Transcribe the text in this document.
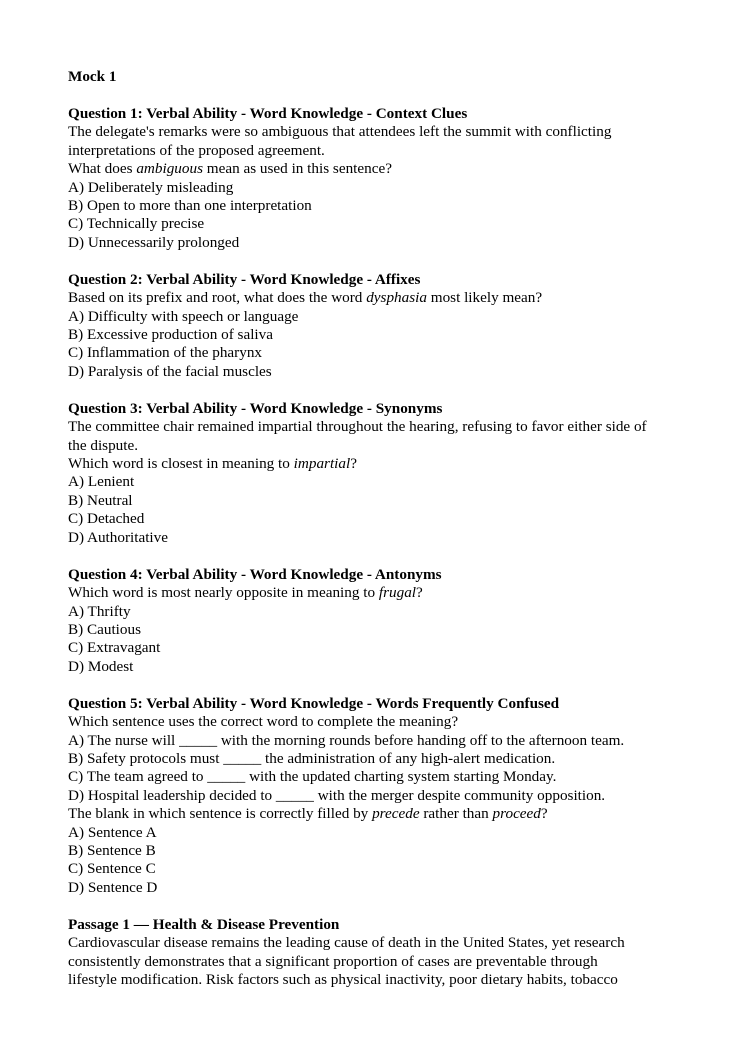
Mock 1

Question 1: Verbal Ability - Word Knowledge - Context Clues

The delegate's remarks were so ambiguous that attendees left the summit with conflicting interpretations of the proposed agreement.

What does ambiguous mean as used in this sentence?

A) Deliberately misleading

B) Open to more than one interpretation

C) Technically precise

D) Unnecessarily prolonged

Question 2: Verbal Ability - Word Knowledge - Affixes

Based on its prefix and root, what does the word dysphasia most likely mean?

A) Difficulty with speech or language

B) Excessive production of saliva

C) Inflammation of the pharynx

D) Paralysis of the facial muscles

Question 3: Verbal Ability - Word Knowledge - Synonyms

The committee chair remained impartial throughout the hearing, refusing to favor either side of the dispute.

Which word is closest in meaning to impartial?

A) Lenient

B) Neutral

C) Detached

D) Authoritative

Question 4: Verbal Ability - Word Knowledge - Antonyms

Which word is most nearly opposite in meaning to frugal?

A) Thrifty

B) Cautious

C) Extravagant

D) Modest

Question 5: Verbal Ability - Word Knowledge - Words Frequently Confused

Which sentence uses the correct word to complete the meaning?

A) The nurse will _____ with the morning rounds before handing off to the afternoon team.

B) Safety protocols must _____ the administration of any high-alert medication.

C) The team agreed to _____ with the updated charting system starting Monday.

D) Hospital leadership decided to _____ with the merger despite community opposition.

The blank in which sentence is correctly filled by precede rather than proceed?

A) Sentence A

B) Sentence B

C) Sentence C

D) Sentence D

Passage 1 — Health & Disease Prevention

Cardiovascular disease remains the leading cause of death in the United States, yet research

consistently demonstrates that a significant proportion of cases are preventable through

lifestyle modification. Risk factors such as physical inactivity, poor dietary habits, tobacco
